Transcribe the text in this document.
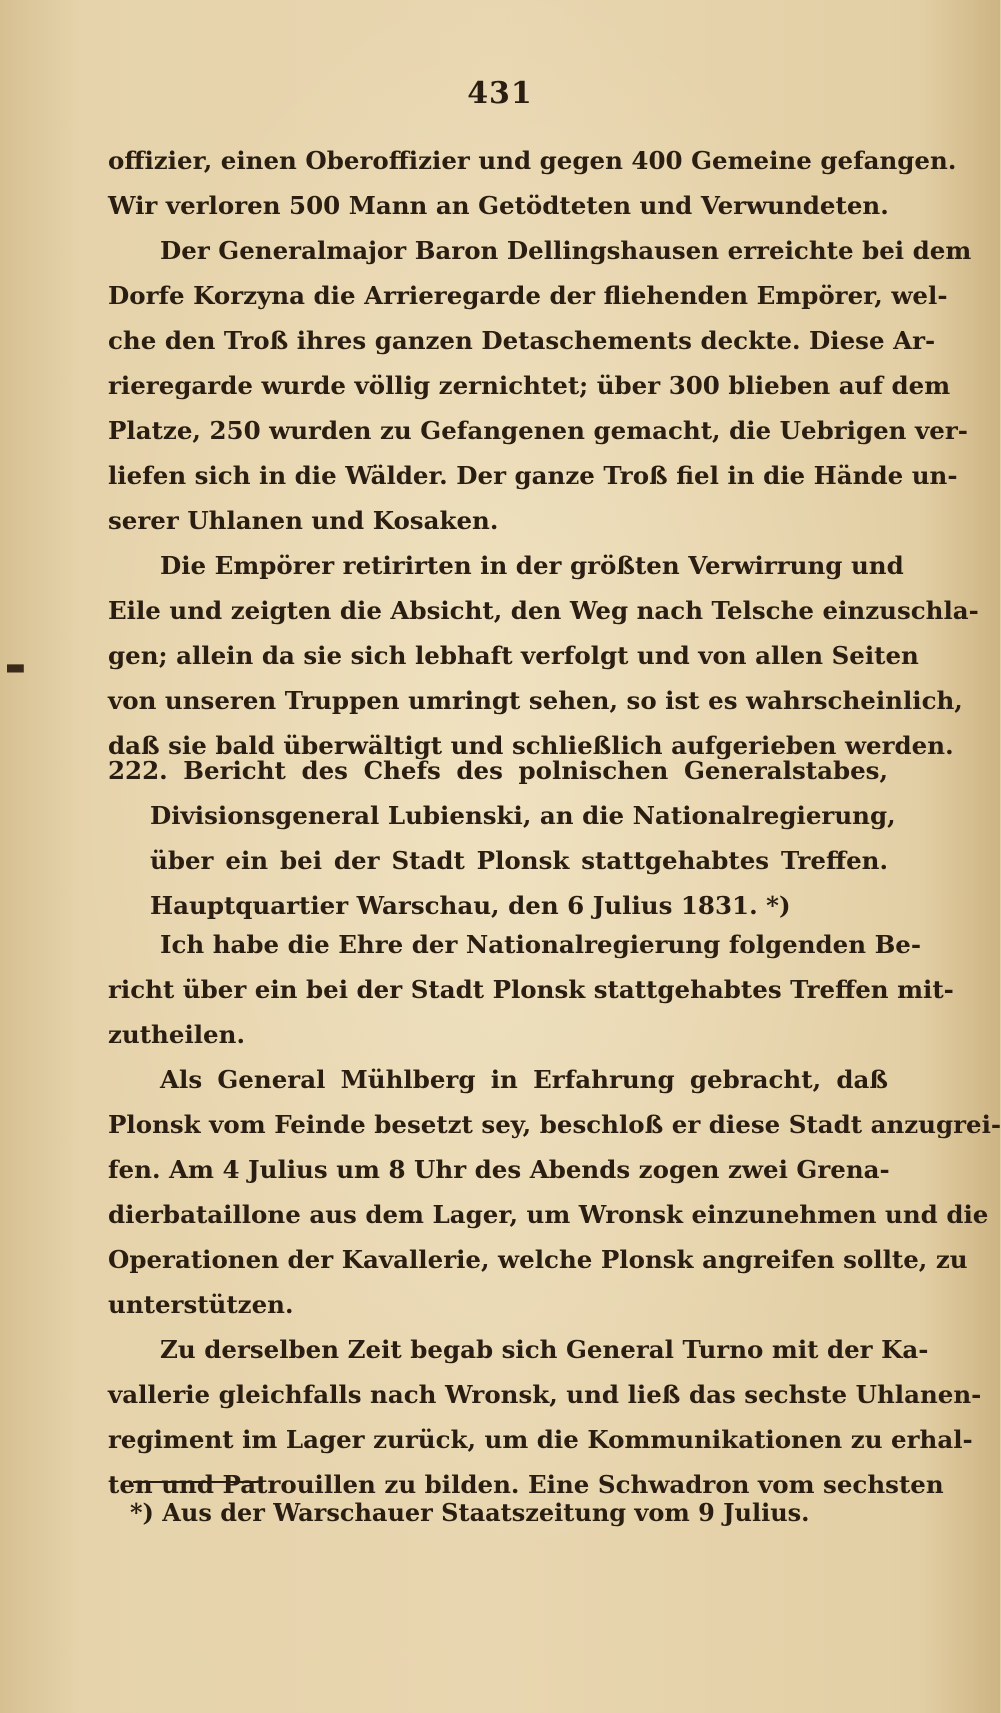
431
offizier, einen Oberoffizier und gegen 400 Gemeine gefangen.
Wir verloren 500 Mann an Getödteten und Verwundeten.
Der Generalmajor Baron Dellingshausen erreichte bei dem
Dorfe Korzyna die Arrieregarde der fliehenden Empörer, wel-
che den Troß ihres ganzen Detaschements deckte. Diese Ar-
rieregarde wurde völlig zernichtet; über 300 blieben auf dem
Platze, 250 wurden zu Gefangenen gemacht, die Uebrigen ver-
liefen sich in die Wälder. Der ganze Troß fiel in die Hände un-
serer Uhlanen und Kosaken.
Die Empörer retirirten in der größten Verwirrung und
Eile und zeigten die Absicht, den Weg nach Telsche einzuschla-
gen; allein da sie sich lebhaft verfolgt und von allen Seiten
von unseren Truppen umringt sehen, so ist es wahrscheinlich,
daß sie bald überwältigt und schließlich aufgerieben werden.
222. Bericht des Chefs des polnischen Generalstabes,
Divisionsgeneral Lubienski, an die Nationalregierung,
über ein bei der Stadt Plonsk stattgehabtes Treffen.
Hauptquartier Warschau, den 6 Julius 1831. *)
Ich habe die Ehre der Nationalregierung folgenden Be-
richt über ein bei der Stadt Plonsk stattgehabtes Treffen mit-
zutheilen.
Als General Mühlberg in Erfahrung gebracht, daß
Plonsk vom Feinde besetzt sey, beschloß er diese Stadt anzugrei-
fen. Am 4 Julius um 8 Uhr des Abends zogen zwei Grena-
dierbataillone aus dem Lager, um Wronsk einzunehmen und die
Operationen der Kavallerie, welche Plonsk angreifen sollte, zu
unterstützen.
Zu derselben Zeit begab sich General Turno mit der Ka-
vallerie gleichfalls nach Wronsk, und ließ das sechste Uhlanen-
regiment im Lager zurück, um die Kommunikationen zu erhal-
ten und Patrouillen zu bilden. Eine Schwadron vom sechsten
*) Aus der Warschauer Staatszeitung vom 9 Julius.
▬
